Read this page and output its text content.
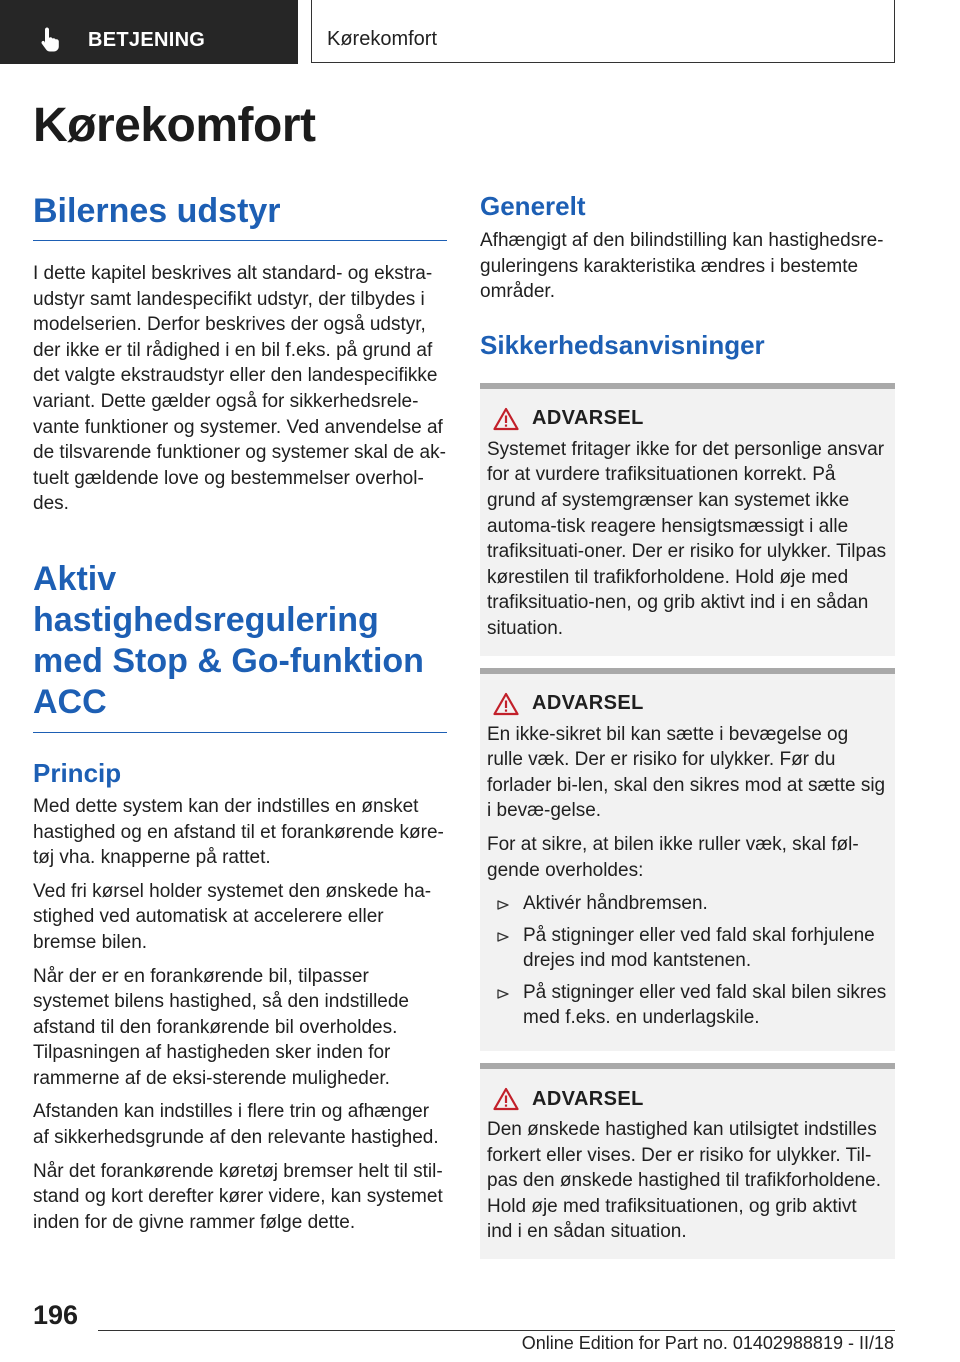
BETJENING	Kørekomfort
Kørekomfort
Bilernes udstyr

I dette kapitel beskrives alt standard- og ekstra-udstyr samt landespecifikt udstyr, der tilbydes i modelserien. Derfor beskrives der også udstyr, der ikke er til rådighed i en bil f.eks. på grund af det valgte ekstraudstyr eller den landespecifikke variant. Dette gælder også for sikkerhedsrele-vante funktioner og systemer. Ved anvendelse af de tilsvarende funktioner og systemer skal de ak-tuelt gældende love og bestemmelser overhol-des.

Aktiv hastighedsregulering
med Stop & Go-funktion
ACC
Princip

Med dette system kan der indstilles en ønsket hastighed og en afstand til et forankørende køre-tøj vha. knapperne på rattet.

Ved fri kørsel holder systemet den ønskede ha-stighed ved automatisk at accelerere eller bremse bilen.

Når der er en forankørende bil, tilpasser systemet bilens hastighed, så den indstillede afstand til den forankørende bil overholdes. Tilpasningen af hastigheden sker inden for rammerne af de eksi-sterende muligheder.

Afstanden kan indstilles i flere trin og afhænger af sikkerhedsgrunde af den relevante hastighed.

Når det forankørende køretøj bremser helt til stil-stand og kort derefter kører videre, kan systemet inden for de givne rammer følge dette.

Generelt

Afhængigt af den bilindstilling kan hastighedsre-guleringens karakteristika ændres i bestemte områder.

Sikkerhedsanvisninger
ADVARSEL

Systemet fritager ikke for det personlige ansvar for at vurdere trafiksituationen korrekt. På grund af systemgrænser kan systemet ikke automa-tisk reagere hensigtsmæssigt i alle trafiksituati-oner. Der er risiko for ulykker. Tilpas kørestilen til trafikforholdene. Hold øje med trafiksituatio-nen, og grib aktivt ind i en sådan situation.

ADVARSEL

En ikke-sikret bil kan sætte i bevægelse og rulle væk. Der er risiko for ulykker. Før du forlader bi-len, skal den sikres mod at sætte sig i bevæ-gelse.

For at sikre, at bilen ikke ruller væk, skal føl-gende overholdes:

Aktivér håndbremsen.
På stigninger eller ved fald skal forhjulene drejes ind mod kantstenen.
På stigninger eller ved fald skal bilen sikres med f.eks. en underlagskile.
ADVARSEL

Den ønskede hastighed kan utilsigtet indstilles forkert eller vises. Der er risiko for ulykker. Til-pas den ønskede hastighed til trafikforholdene. Hold øje med trafiksituationen, og grib aktivt ind i en sådan situation.

196
Online Edition for Part no. 01402988819 - II/18
